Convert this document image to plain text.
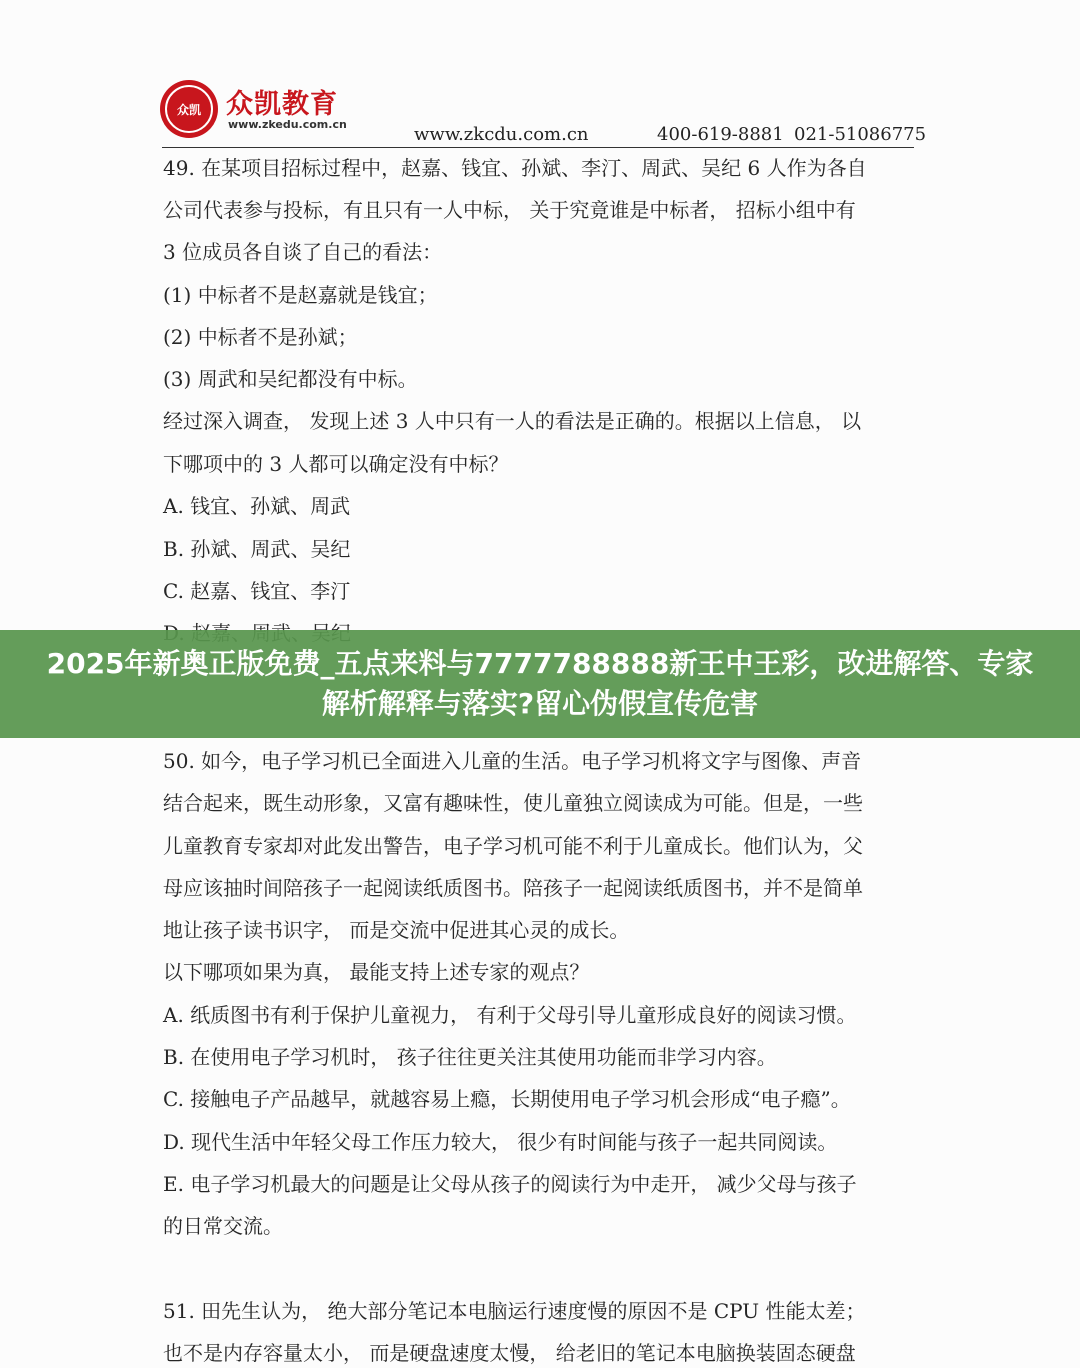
众凯 众凯教育
www.zkedu.com.cn	www.zkcdu.com.cn	400-619-8881 021-51086775
49. 在某项目招标过程中，赵嘉、钱宜、孙斌、李汀、周武、吴纪 6 人作为各自
公司代表参与投标，有且只有一人中标， 关于究竟谁是中标者， 招标小组中有
3 位成员各自谈了自己的看法：
(1) 中标者不是赵嘉就是钱宜；
(2) 中标者不是孙斌；
(3) 周武和吴纪都没有中标。
经过深入调查， 发现上述 3 人中只有一人的看法是正确的。根据以上信息， 以
下哪项中的 3 人都可以确定没有中标？
A. 钱宜、孙斌、周武
B. 孙斌、周武、吴纪
C. 赵嘉、钱宜、李汀
50. 如今，电子学习机已全面进入儿童的生活。电子学习机将文字与图像、声音
结合起来，既生动形象，又富有趣味性，使儿童独立阅读成为可能。但是，一些
儿童教育专家却对此发出警告，电子学习机可能不利于儿童成长。他们认为，父
母应该抽时间陪孩子一起阅读纸质图书。陪孩子一起阅读纸质图书，并不是简单
地让孩子读书识字， 而是交流中促进其心灵的成长。
以下哪项如果为真， 最能支持上述专家的观点？
A. 纸质图书有利于保护儿童视力， 有利于父母引导儿童形成良好的阅读习惯。
B. 在使用电子学习机时， 孩子往往更关注其使用功能而非学习内容。
C. 接触电子产品越早，就越容易上瘾，长期使用电子学习机会形成“电子瘾”。
D. 现代生活中年轻父母工作压力较大， 很少有时间能与孩子一起共同阅读。
E. 电子学习机最大的问题是让父母从孩子的阅读行为中走开， 减少父母与孩子
的日常交流。
51. 田先生认为， 绝大部分笔记本电脑运行速度慢的原因不是 CPU 性能太差；
也不是内存容量太小， 而是硬盘速度太慢， 给老旧的笔记本电脑换装固态硬盘
2025年新奥正版免费_五点来料与7777788888新王中王彩，改进解答、专家解析解释与落实?留心伪假宣传危害
